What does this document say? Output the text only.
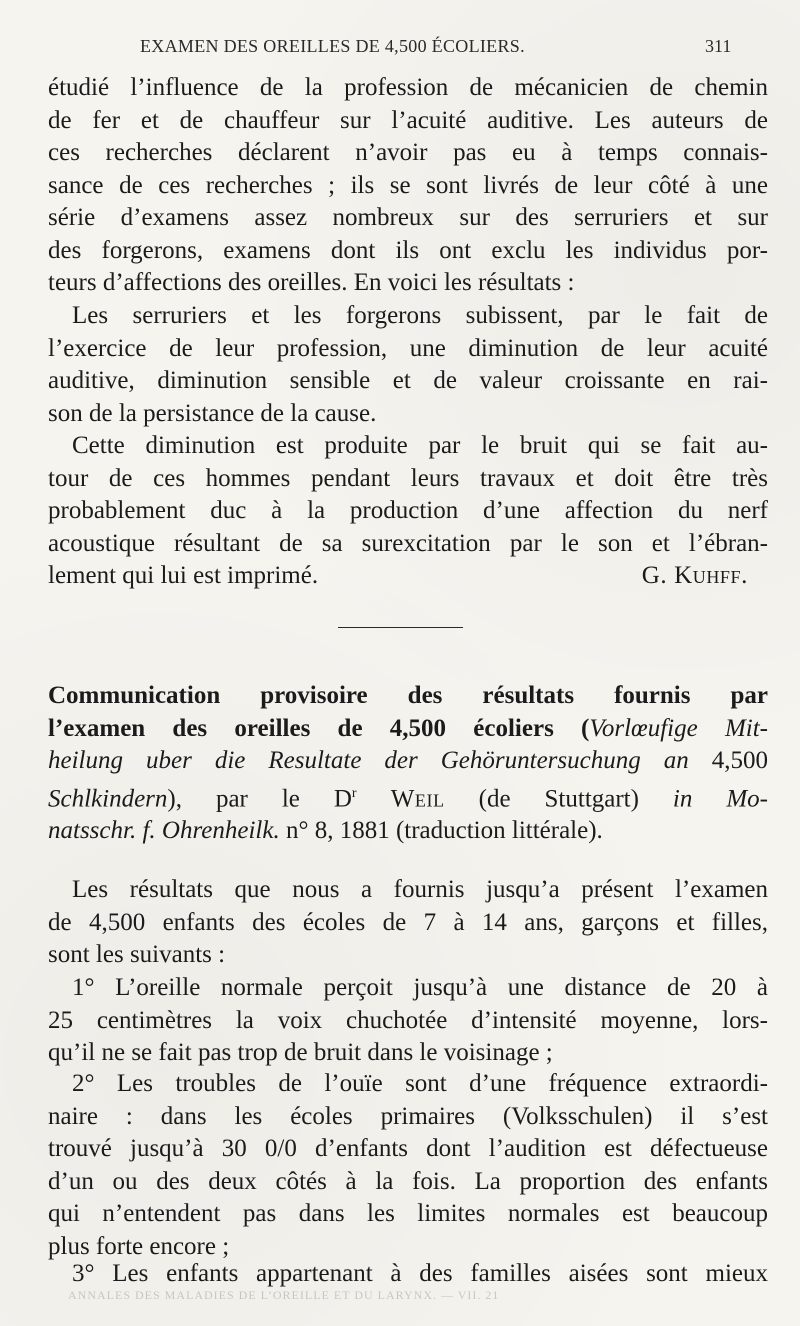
EXAMEN DES OREILLES DE 4,500 ÉCOLIERS.	311
étudié l’influence de la profession de mécanicien de chemin
de fer et de chauffeur sur l’acuité auditive. Les auteurs de
ces recherches déclarent n’avoir pas eu à temps connais-
sance de ces recherches ; ils se sont livrés de leur côté à une
série d’examens assez nombreux sur des serruriers et sur
des forgerons, examens dont ils ont exclu les individus por-
teurs d’affections des oreilles. En voici les résultats :
Les serruriers et les forgerons subissent, par le fait de
l’exercice de leur profession, une diminution de leur acuité
auditive, diminution sensible et de valeur croissante en rai-
son de la persistance de la cause.
Cette diminution est produite par le bruit qui se fait au-
tour de ces hommes pendant leurs travaux et doit être très
probablement duc à la production d’une affection du nerf
acoustique résultant de sa surexcitation par le son et l’ébran-
lement qui lui est imprimé.	G. Kuhff.
Communication provisoire des résultats fournis par
l’examen des oreilles de 4,500 écoliers (Vorlœufige Mit-
heilung uber die Resultate der Gehöruntersuchung an 4,500
Schlkindern), par le $D^r$ Weil (de Stuttgart) in Mo-
natsschr. f. Ohrenheilk. n° 8, 1881 (traduction littérale).
Les résultats que nous a fournis jusqu’a présent l’examen
de 4,500 enfants des écoles de 7 à 14 ans, garçons et filles,
sont les suivants :
1° L’oreille normale perçoit jusqu’à une distance de 20 à
25 centimètres la voix chuchotée d’intensité moyenne, lors-
qu’il ne se fait pas trop de bruit dans le voisinage ;
2° Les troubles de l’ouïe sont d’une fréquence extraordi-
naire : dans les écoles primaires (Volksschulen) il s’est
trouvé jusqu’à 30 0/0 d’enfants dont l’audition est défectueuse
d’un ou des deux côtés à la fois. La proportion des enfants
qui n’entendent pas dans les limites normales est beaucoup
plus forte encore ;
3° Les enfants appartenant à des familles aisées sont mieux
ANNALES DES MALADIES DE L’OREILLE ET DU LARYNX. — VII. 21
